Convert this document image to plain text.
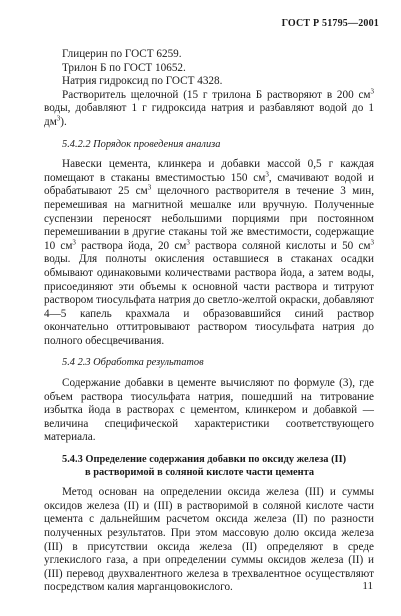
ГОСТ Р 51795—2001

Глицерин по ГОСТ 6259.

Трилон Б по ГОСТ 10652.

Натрия гидроксид по ГОСТ 4328.

Растворитель щелочной (15 г трилона Б растворяют в 200 $см^3$ воды, добавляют 1 г гидроксида натрия и разбавляют водой до 1 $дм^3$).

5.4.2.2 Порядок проведения анализа

Навески цемента, клинкера и добавки массой 0,5 г каждая помещают в стаканы вместимостью 150 $см^3$, смачивают водой и обрабатывают 25 $см^3$ щелочного растворителя в течение 3 мин, перемешивая на магнитной мешалке или вручную. Полученные суспензии переносят небольшими порциями при постоянном перемешивании в другие стаканы той же вместимости, содержащие 10 $см^3$ раствора йода, 20 $см^3$ раствора соляной кислоты и 50 $см^3$ воды. Для полноты окисления оставшиеся в стаканах осадки обмывают одинаковыми количествами раствора йода, а затем воды, присоединяют эти объемы к основной части раствора и титруют раствором тиосульфата натрия до светло-желтой окраски, добавляют 4—5 капель крахмала и образовавшийся синий раствор окончательно оттитровывают раствором тиосульфата натрия до полного обесцвечивания.

5.4 2.3 Обработка результатов

Содержание добавки в цементе вычисляют по формуле (3), где объем раствора тиосульфата натрия, пошедший на титрование избытка йода в растворах с цементом, клинкером и добавкой — величина специфической характеристики соответствующего материала.

5.4.3 Определение содержания добавки по оксиду железа (II)
в растворимой в соляной кислоте части цемента

Метод основан на определении оксида железа (III) и суммы оксидов железа (II) и (III) в растворимой в соляной кислоте части цемента с дальнейшим расчетом оксида железа (II) по разности полученных результатов. При этом массовую долю оксида железа (III) в присутствии оксида железа (II) определяют в среде углекислого газа, а при определении суммы оксидов железа (II) и (III) перевод двухвалентного железа в трехвалентное осуществляют посредством калия марганцовокислого.	11
